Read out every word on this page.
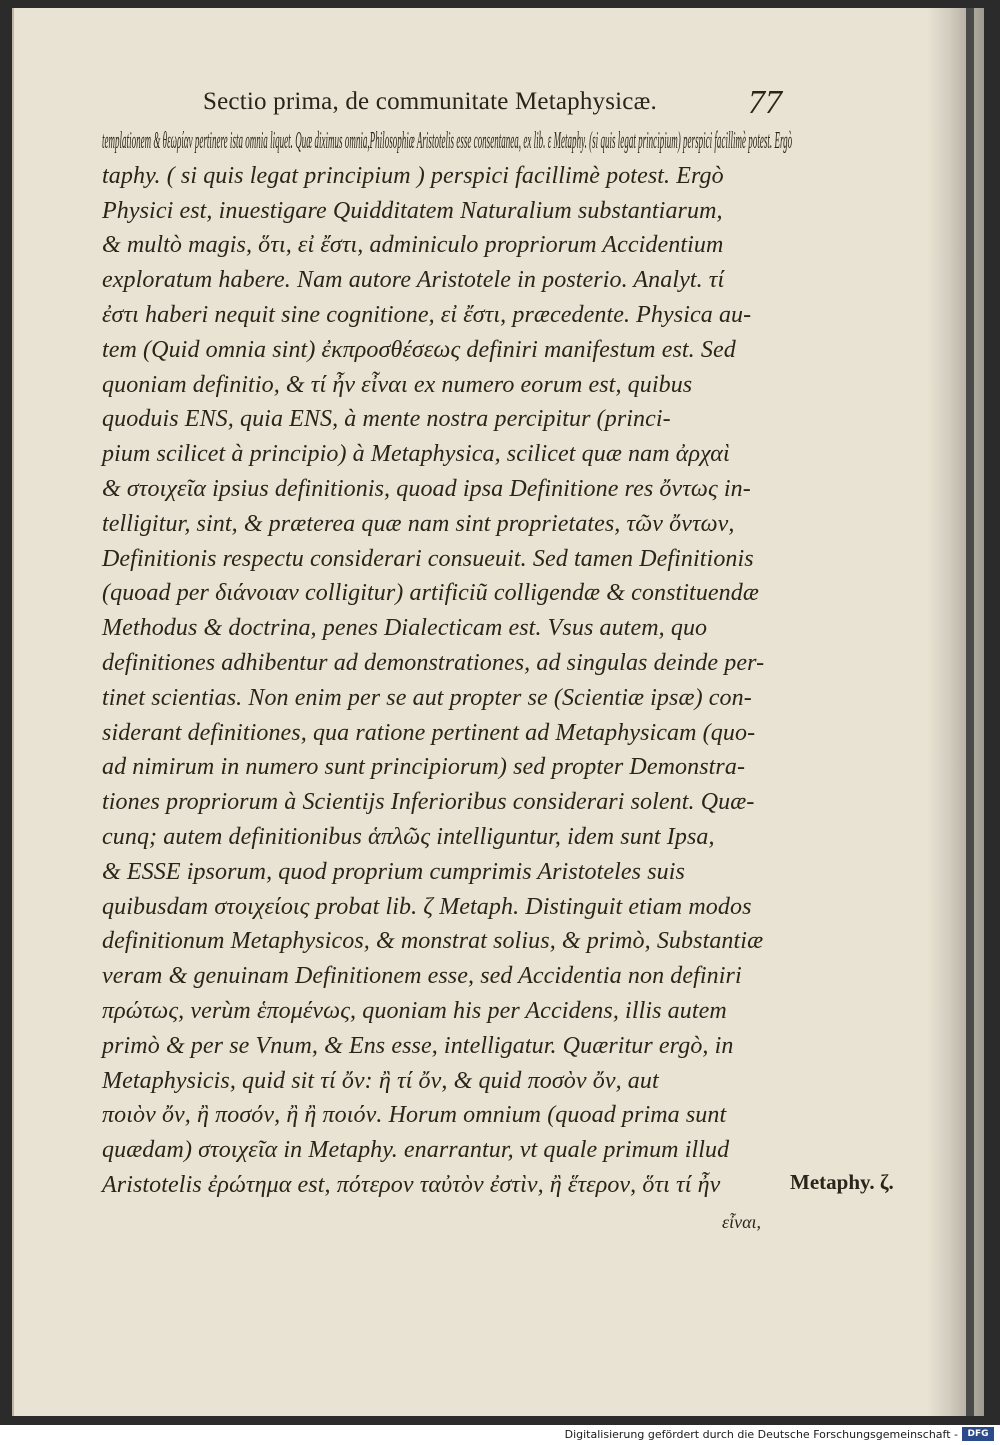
Sectio prima, de communitate Metaphysicæ.	77
templationem & θεωρίαν pertinere ista omnia liquet. Quæ diximus omnia,Philosophiæ Aristotelis esse consentanea, ex lib. ε Metaphy. (si quis legat principium) perspici facillimè potest. Ergò
taphy. ( si quis legat principium ) perspici facillimè potest. Ergò
Physici est, inuestigare Quidditatem Naturalium substantiarum,
& multò magis, ὅτι, εἰ ἔστι, adminiculo propriorum Accidentium
exploratum habere. Nam autore Aristotele in posterio. Analyt. τί
ἐστι haberi nequit sine cognitione, εἰ ἔστι, præcedente. Physica au-
tem (Quid omnia sint) ἐκπροσθέσεως definiri manifestum est. Sed
quoniam definitio, & τί ἦν εἶναι ex numero eorum est, quibus
quoduis ENS, quia ENS, à mente nostra percipitur (princi-
pium scilicet à principio) à Metaphysica, scilicet quæ nam ἀρχαὶ
& στοιχεῖα ipsius definitionis, quoad ipsa Definitione res ὄντως in-
telligitur, sint, & præterea quæ nam sint proprietates, τῶν ὄντων,
Definitionis respectu considerari consueuit. Sed tamen Definitionis
(quoad per διάνοιαν colligitur) artificiũ colligendæ & constituendæ
Methodus & doctrina, penes Dialecticam est. Vsus autem, quo
definitiones adhibentur ad demonstrationes, ad singulas deinde per-
tinet scientias. Non enim per se aut propter se (Scientiæ ipsæ) con-
siderant definitiones, qua ratione pertinent ad Metaphysicam (quo-
ad nimirum in numero sunt principiorum) sed propter Demonstra-
tiones propriorum à Scientijs Inferioribus considerari solent. Quæ-
cunq; autem definitionibus ἁπλῶς intelliguntur, idem sunt Ipsa,
& ESSE ipsorum, quod proprium cumprimis Aristoteles suis
quibusdam στοιχείοις probat lib. ζ Metaph. Distinguit etiam modos
definitionum Metaphysicos, & monstrat solius, & primò, Substantiæ
veram & genuinam Definitionem esse, sed Accidentia non definiri
πρώτως, verùm ἑπομένως, quoniam his per Accidens, illis autem
primò & per se Vnum, & Ens esse, intelligatur. Quæritur ergò, in
Metaphysicis, quid sit τί ὄν: ἢ τί ὄν, & quid ποσὸν ὄν, aut
ποιὸν ὄν, ἢ ποσόν, ἢ ἢ ποιόν. Horum omnium (quoad prima sunt
quædam) στοιχεῖα in Metaphy. enarrantur, vt quale primum illud
Aristotelis ἐρώτημα est, πότερον ταὐτὸν ἐστὶν, ἢ ἕτερον, ὅτι τί ἦν	Metaphy. ζ.
εἶναι,
Digitalisierung gefördert durch die Deutsche Forschungsgemeinschaft -	DFG
